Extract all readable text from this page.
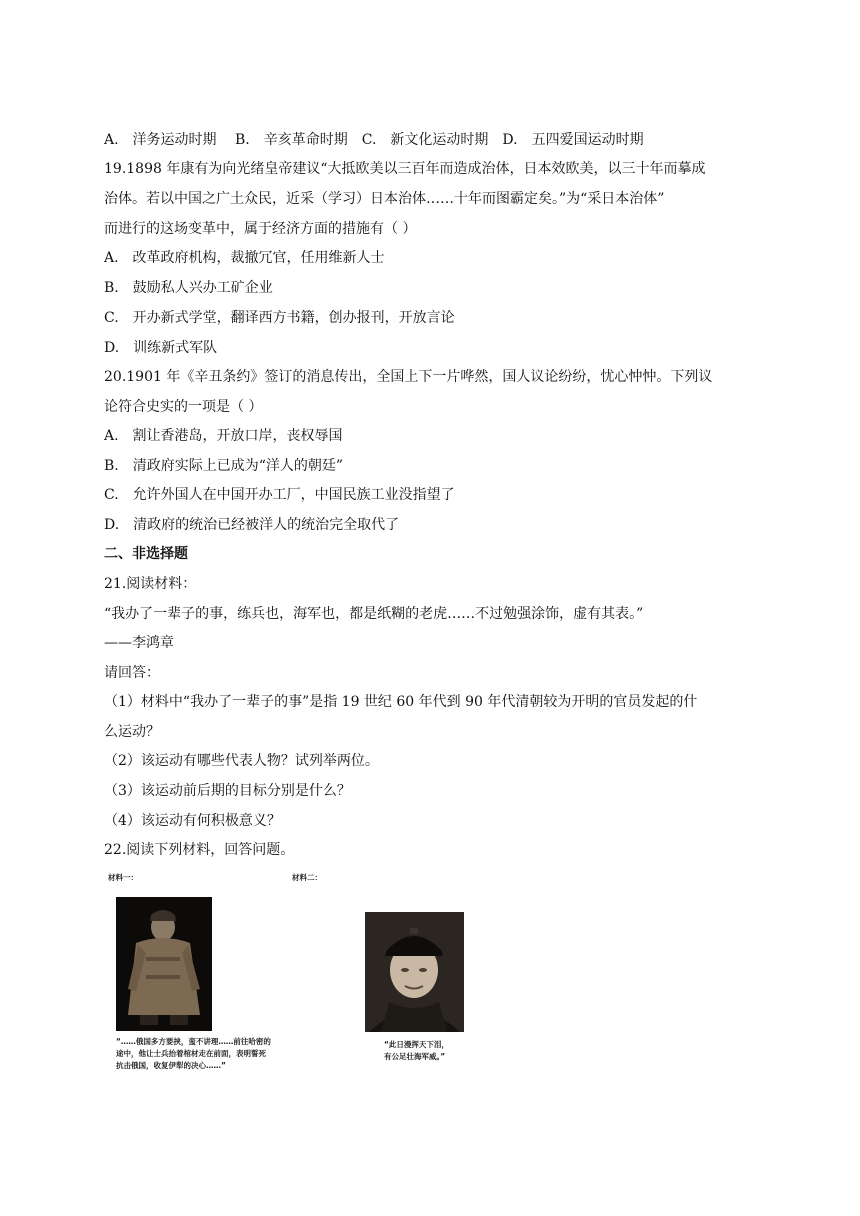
A.　洋务运动时期　 B.　辛亥革命时期　C.　新文化运动时期　D.　五四爱国运动时期
19.1898 年康有为向光绪皇帝建议“大抵欧美以三百年而造成治体，日本效欧美，以三十年而摹成
治体。若以中国之广土众民，近采（学习）日本治体……十年而图霸定矣。”为“采日本治体”
而进行的这场变革中，属于经济方面的措施有（ ）
A.　改革政府机构，裁撤冗官，任用维新人士
B.　鼓励私人兴办工矿企业
C.　开办新式学堂，翻译西方书籍，创办报刊，开放言论
D.　训练新式军队
20.1901 年《辛丑条约》签订的消息传出，全国上下一片哗然，国人议论纷纷，忧心忡忡。下列议
论符合史实的一项是（ ）
A.　割让香港岛，开放口岸，丧权辱国
B.　清政府实际上已成为“洋人的朝廷”
C.　允许外国人在中国开办工厂，中国民族工业没指望了
D.　清政府的统治已经被洋人的统治完全取代了
二、非选择题
21.阅读材料：
“我办了一辈子的事，练兵也，海军也，都是纸糊的老虎……不过勉强涂饰，虚有其表。”
——李鸿章
请回答：
（1）材料中“我办了一辈子的事”是指 19 世纪 60 年代到 90 年代清朝较为开明的官员发起的什
么运动？
（2）该运动有哪些代表人物？试列举两位。
（3）该运动前后期的目标分别是什么？
（4）该运动有何积极意义？
22.阅读下列材料，回答问题。
材料一：
“……俄国多方要挟，蛮不讲理……前往哈密的
途中，他让士兵抬着棺材走在前面，表明誓死
抗击俄国，收复伊犁的决心……”
材料二：
“此日漫挥天下泪，
有公足壮海军威。”
